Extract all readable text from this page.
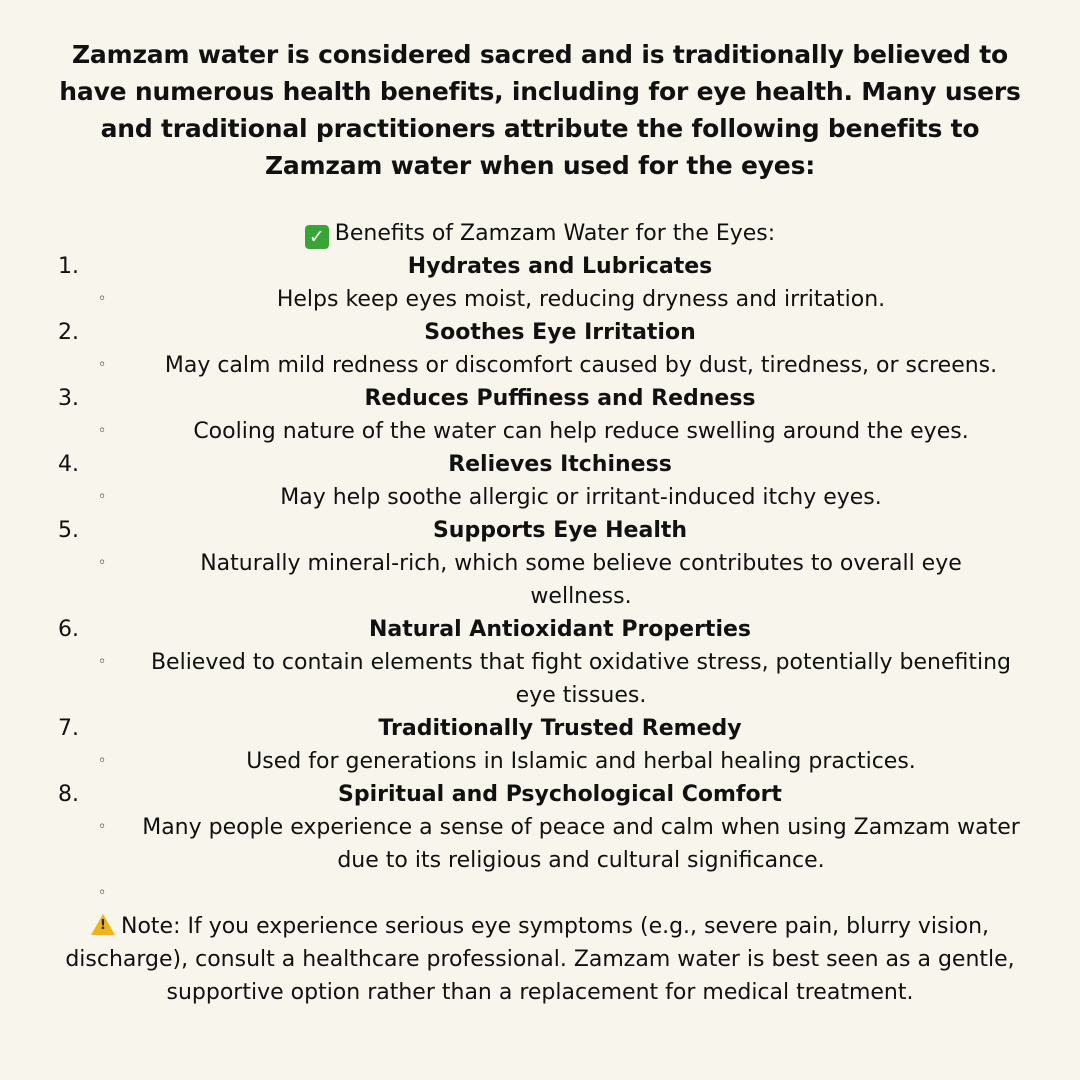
Zamzam water is considered sacred and is traditionally believed to have numerous health benefits, including for eye health. Many users and traditional practitioners attribute the following benefits to Zamzam water when used for the eyes:
✓ Benefits of Zamzam Water for the Eyes:
1.	Hydrates and Lubricates
◦	Helps keep eyes moist, reducing dryness and irritation.
2.	Soothes Eye Irritation
◦	May calm mild redness or discomfort caused by dust, tiredness, or screens.
3.	Reduces Puffiness and Redness
◦	Cooling nature of the water can help reduce swelling around the eyes.
4.	Relieves Itchiness
◦	May help soothe allergic or irritant-induced itchy eyes.
5.	Supports Eye Health
◦	Naturally mineral-rich, which some believe contributes to overall eye wellness.
6.	Natural Antioxidant Properties
◦ Believed to contain elements that fight oxidative stress, potentially benefiting eye tissues.
7.	Traditionally Trusted Remedy
◦	Used for generations in Islamic and herbal healing practices.
8.	Spiritual and Psychological Comfort
◦	Many people experience a sense of peace and calm when using Zamzam water due to its religious and cultural significance.
◦
! Note: If you experience serious eye symptoms (e.g., severe pain, blurry vision, discharge), consult a healthcare professional. Zamzam water is best seen as a gentle, supportive option rather than a replacement for medical treatment.
